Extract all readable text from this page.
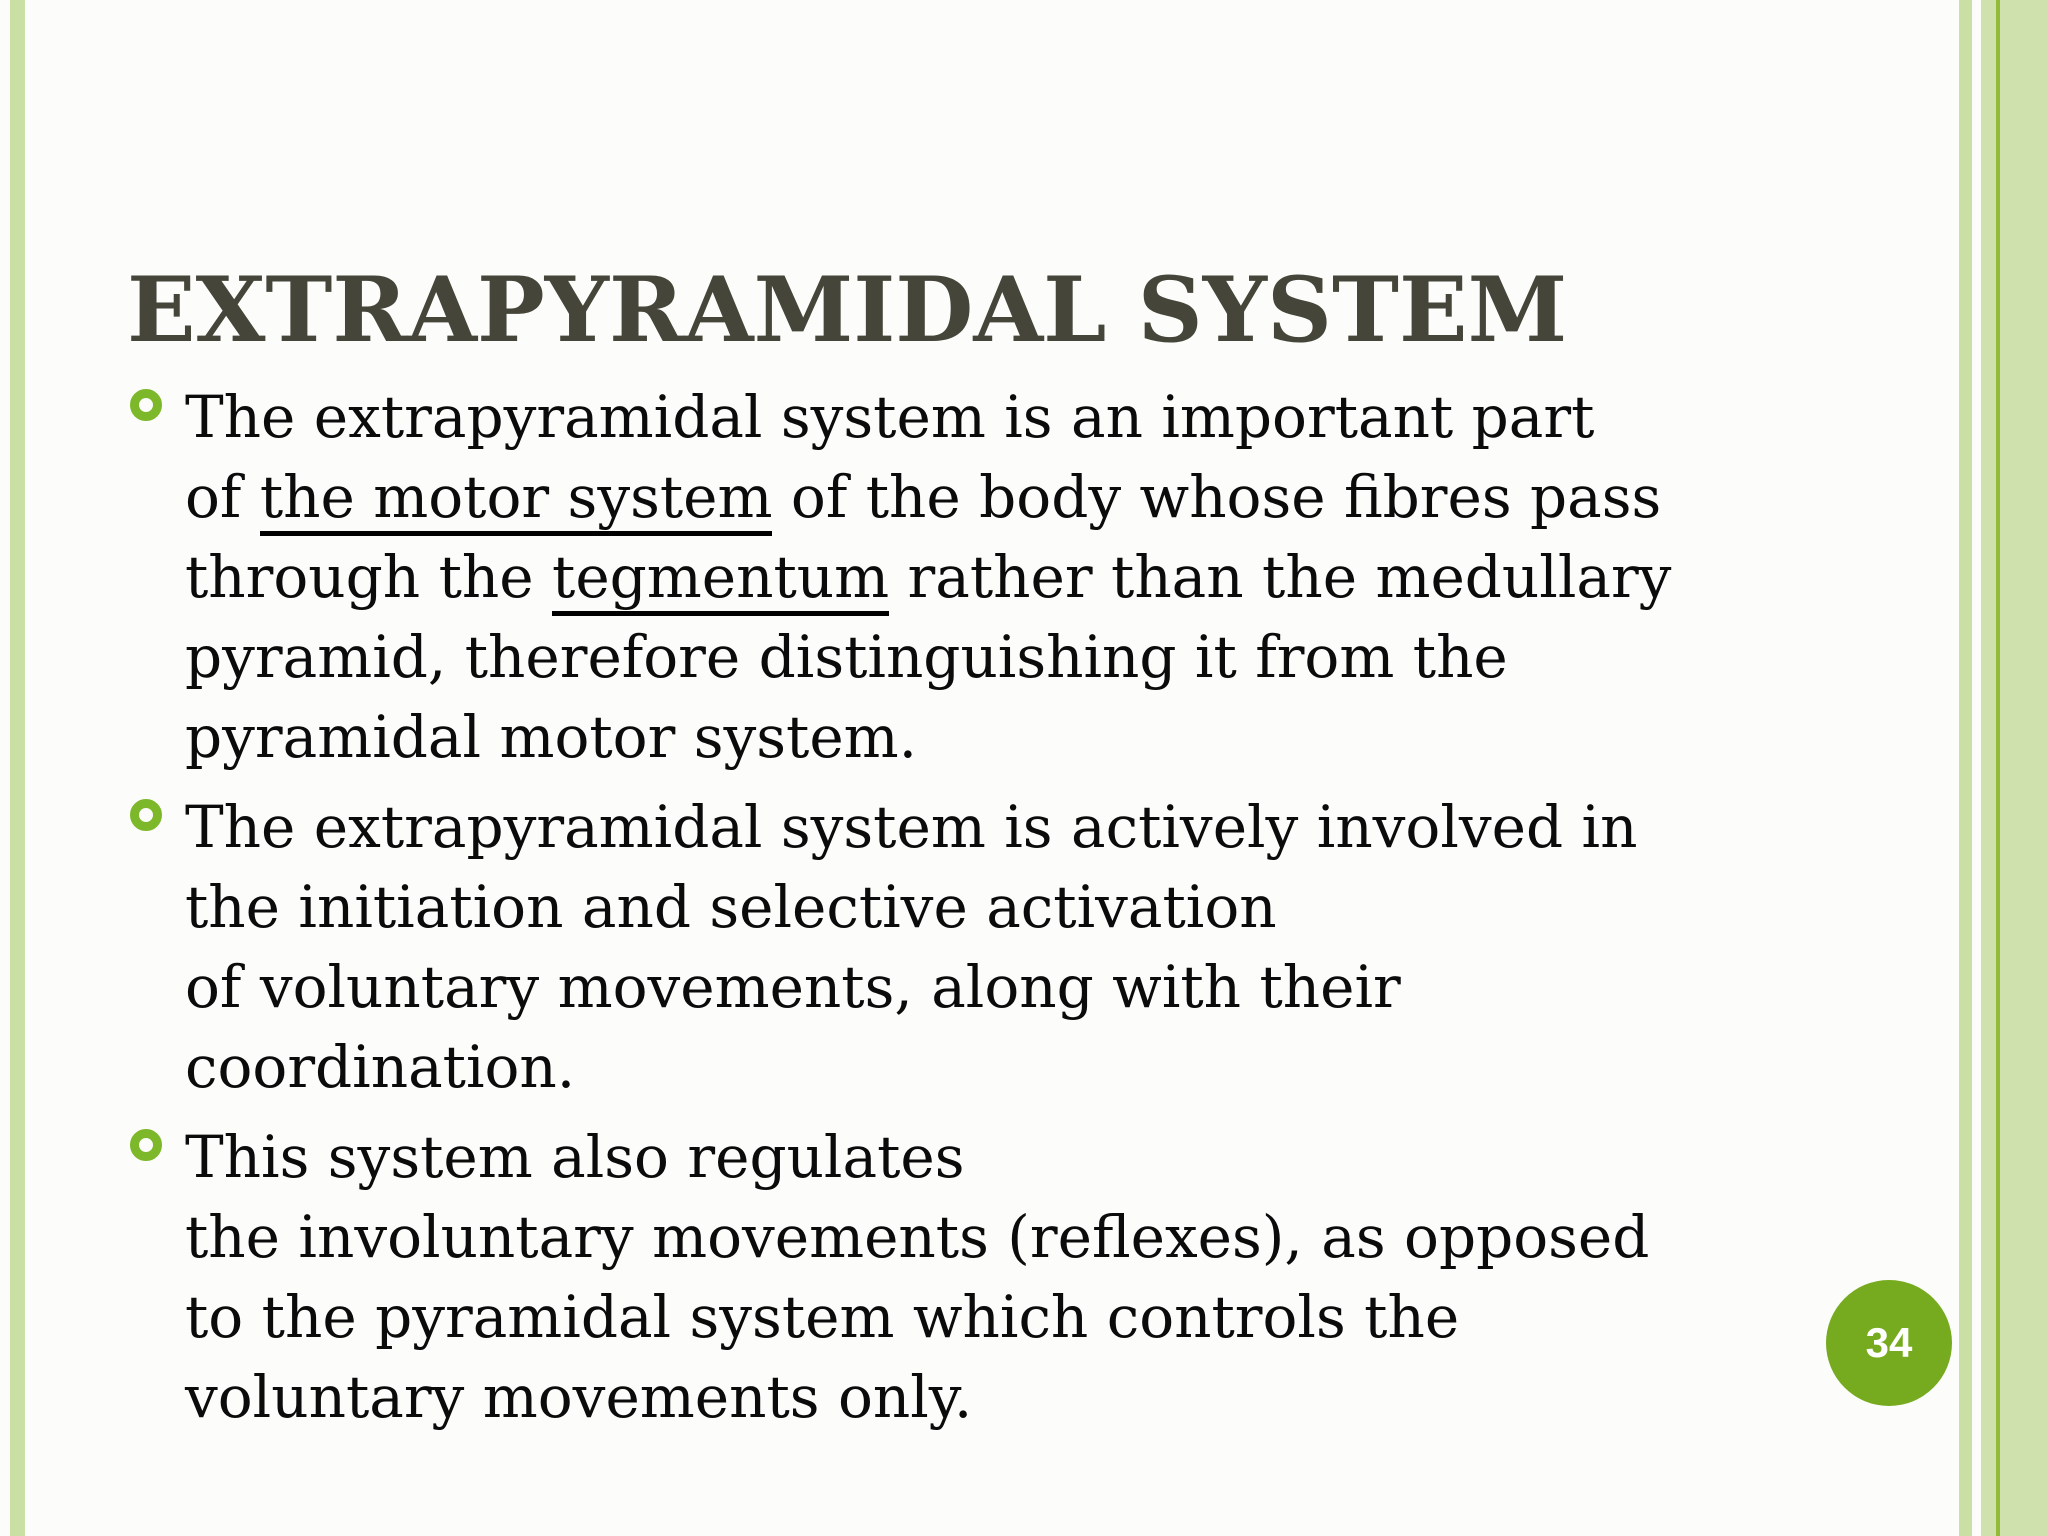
EXTRAPYRAMIDAL SYSTEM
The extrapyramidal system is an important part
of the motor system of the body whose fibres pass
through the tegmentum rather than the medullary
pyramid, therefore distinguishing it from the
pyramidal motor system.
The extrapyramidal system is actively involved in
the initiation and selective activation
of voluntary movements, along with their
coordination.
This system also regulates
the involuntary movements (reflexes), as opposed
to the pyramidal system which controls the
voluntary movements only.
34
